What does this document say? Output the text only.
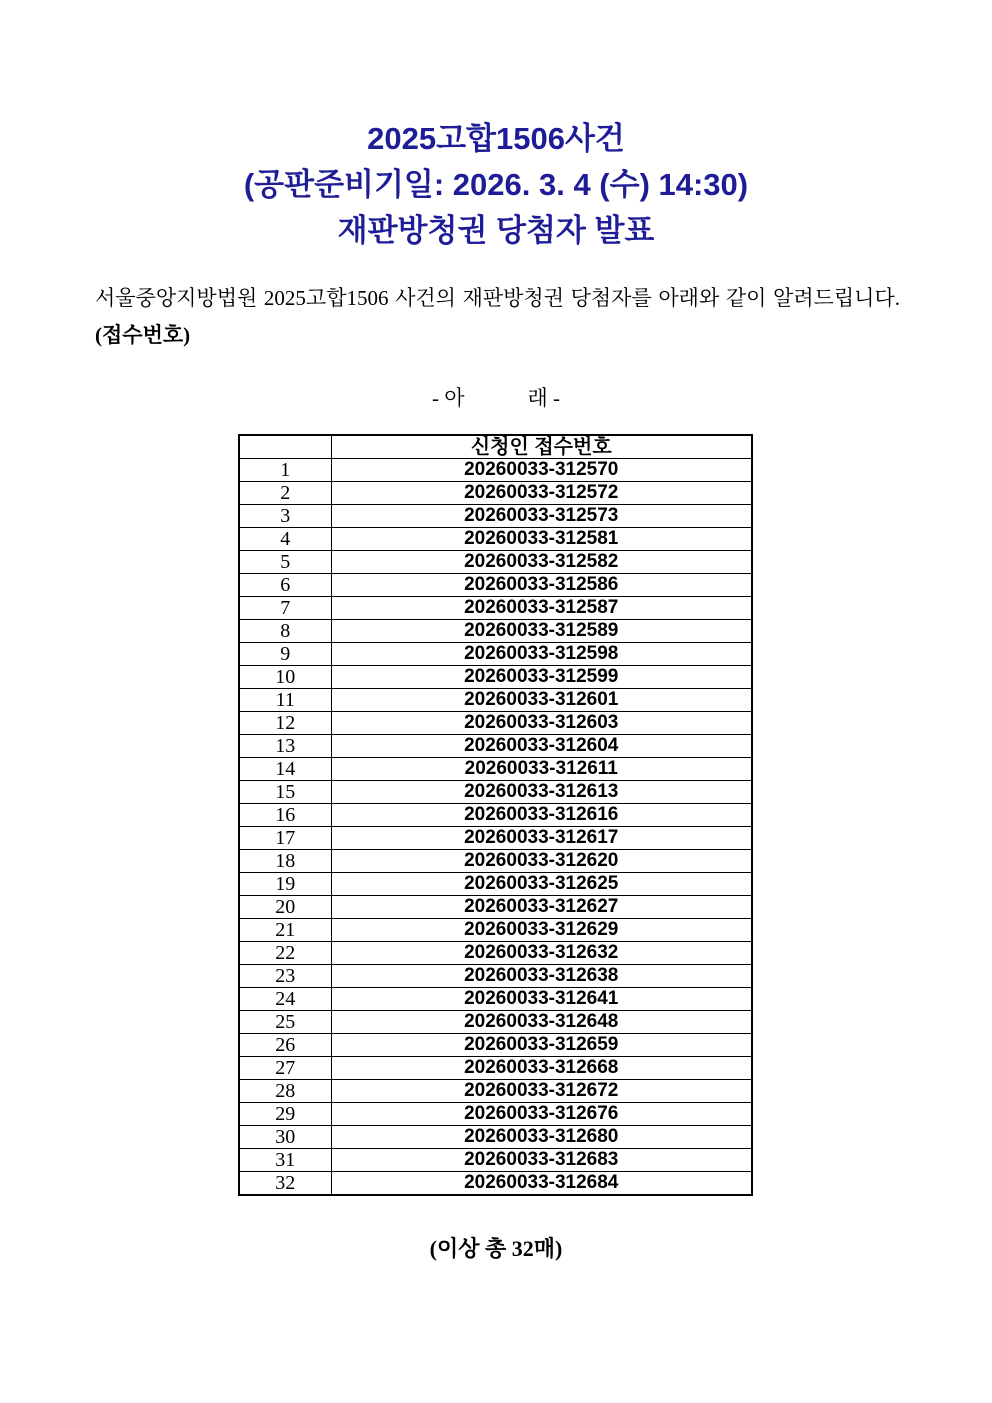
2025고합1506사건
(공판준비기일: 2026. 3. 4 (수) 14:30)
재판방청권 당첨자 발표

서울중앙지방법원 2025고합1506 사건의 재판방청권 당첨자를 아래와 같이 알려드립니다. (접수번호)

- 아            래 -
	신청인 접수번호
1	20260033-312570
2	20260033-312572
3	20260033-312573
4	20260033-312581
5	20260033-312582
6	20260033-312586
7	20260033-312587
8	20260033-312589
9	20260033-312598
10	20260033-312599
11	20260033-312601
12	20260033-312603
13	20260033-312604
14	20260033-312611
15	20260033-312613
16	20260033-312616
17	20260033-312617
18	20260033-312620
19	20260033-312625
20	20260033-312627
21	20260033-312629
22	20260033-312632
23	20260033-312638
24	20260033-312641
25	20260033-312648
26	20260033-312659
27	20260033-312668
28	20260033-312672
29	20260033-312676
30	20260033-312680
31	20260033-312683
32	20260033-312684
(이상 총 32매)
